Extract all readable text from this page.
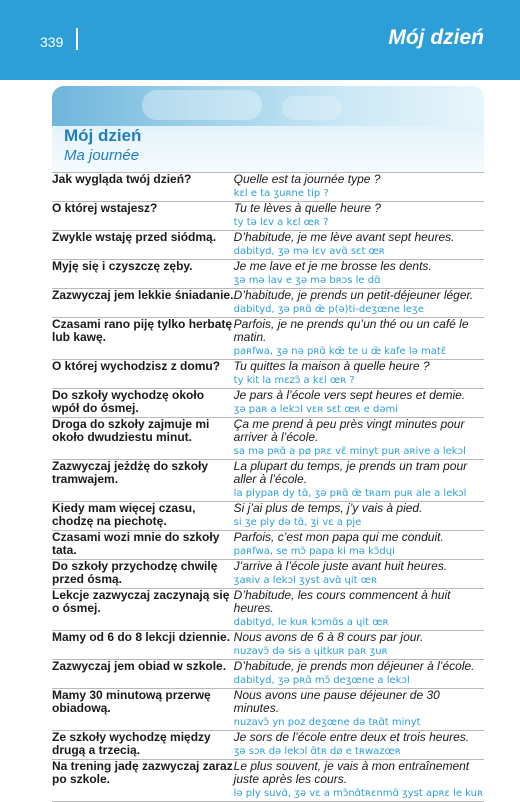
339	Mój dzień
Mój dzień
Ma journée
Jak wygląda twój dzień?	Quelle est ta journée type ?
kɛl e ta ʒuʀne tip ?
O której wstajesz?	Tu te lèves à quelle heure ?
ty tə lɛv a kɛl œʀ ?
Zwykle wstaję przed siódmą.	D’habitude, je me lève avant sept heures.
dabityd, ʒə mə lɛv avɑ̃ sɛt œʀ
Myję się i czyszczę zęby.	Je me lave et je me brosse les dents.
ʒə mə lav e ʒə mə bʀɔs le dɑ̃
Zazwyczaj jem lekkie śniadanie.	D’habitude, je prends un petit-déjeuner léger.
dabityd, ʒə pʀɑ̃ œ̃ p(ə)ti-deʒœne leʒe
Czasami rano piję tylko herbatę lub kawę.	Parfois, je ne prends qu’un thé ou un café le matin.
paʀfwa, ʒə nə pʀɑ̃ kœ̃ te u œ̃ kafe lə matɛ̃
O której wychodzisz z domu?	Tu quittes la maison à quelle heure ?
ty kit la mɛzɔ̃ a kɛl œʀ ?
Do szkoły wychodzę około wpół do ósmej.	Je pars à l’école vers sept heures et demie.
ʒə paʀ a lekɔl vɛʀ sɛt œʀ e dəmi
Droga do szkoły zajmuje mi około dwudziestu minut.	Ça me prend à peu près vingt minutes pour arriver à l’école.
sa mə pʀɑ̃ a pø pʀɛ vɛ̃ minyt puʀ aʀive a lekɔl
Zazwyczaj jeżdżę do szkoły tramwajem.	La plupart du temps, je prends un tram pour aller à l’école.
la plypaʀ dy tɑ̃, ʒə pʀɑ̃ œ̃ tʀam puʀ ale a lekɔl
Kiedy mam więcej czasu, chodzę na piechotę.	Si j’ai plus de temps, j’y vais à pied.
si ʒe ply də tɑ̃, ʒi vɛ a pje
Czasami wozi mnie do szkoły tata.	Parfois, c’est mon papa qui me conduit.
paʀfwa, se mɔ̃ papa ki mə kɔ̃dɥi
Do szkoły przychodzę chwilę przed ósmą.	J’arrive à l’école juste avant huit heures.
ʒaʀiv a lekɔl ʒyst avɑ̃ ɥit œʀ
Lekcje zazwyczaj zaczynają się o ósmej.	D’habitude, les cours commencent à huit heures.
dabityd, le kuʀ kɔmɑ̃s a ɥit œʀ
Mamy od 6 do 8 lekcji dziennie.	Nous avons de 6 à 8 cours par jour.
nuzavɔ̃ də sis a ɥitkuʀ paʀ ʒuʀ
Zazwyczaj jem obiad w szkole.	D’habitude, je prends mon déjeuner à l’école.
dabityd, ʒə pʀɑ̃ mɔ̃ deʒœne a lekɔl
Mamy 30 minutową przerwę obiadową.	Nous avons une pause déjeuner de 30 minutes.
nuzavɔ̃ yn poz deʒœne də tʀɑ̃t minyt
Ze szkoły wychodzę między drugą a trzecią.	Je sors de l’école entre deux et trois heures.
ʒə sɔʀ də lekɔl ɑ̃tʀ dø e tʀwazœʀ
Na trening jadę zazwyczaj zaraz po szkole.	Le plus souvent, je vais à mon entraînement juste après les cours.
lə ply suvɑ̃, ʒə vɛ a mɔ̃nɑ̃tʀɛnmɑ̃ ʒyst apʀɛ le kuʀ
